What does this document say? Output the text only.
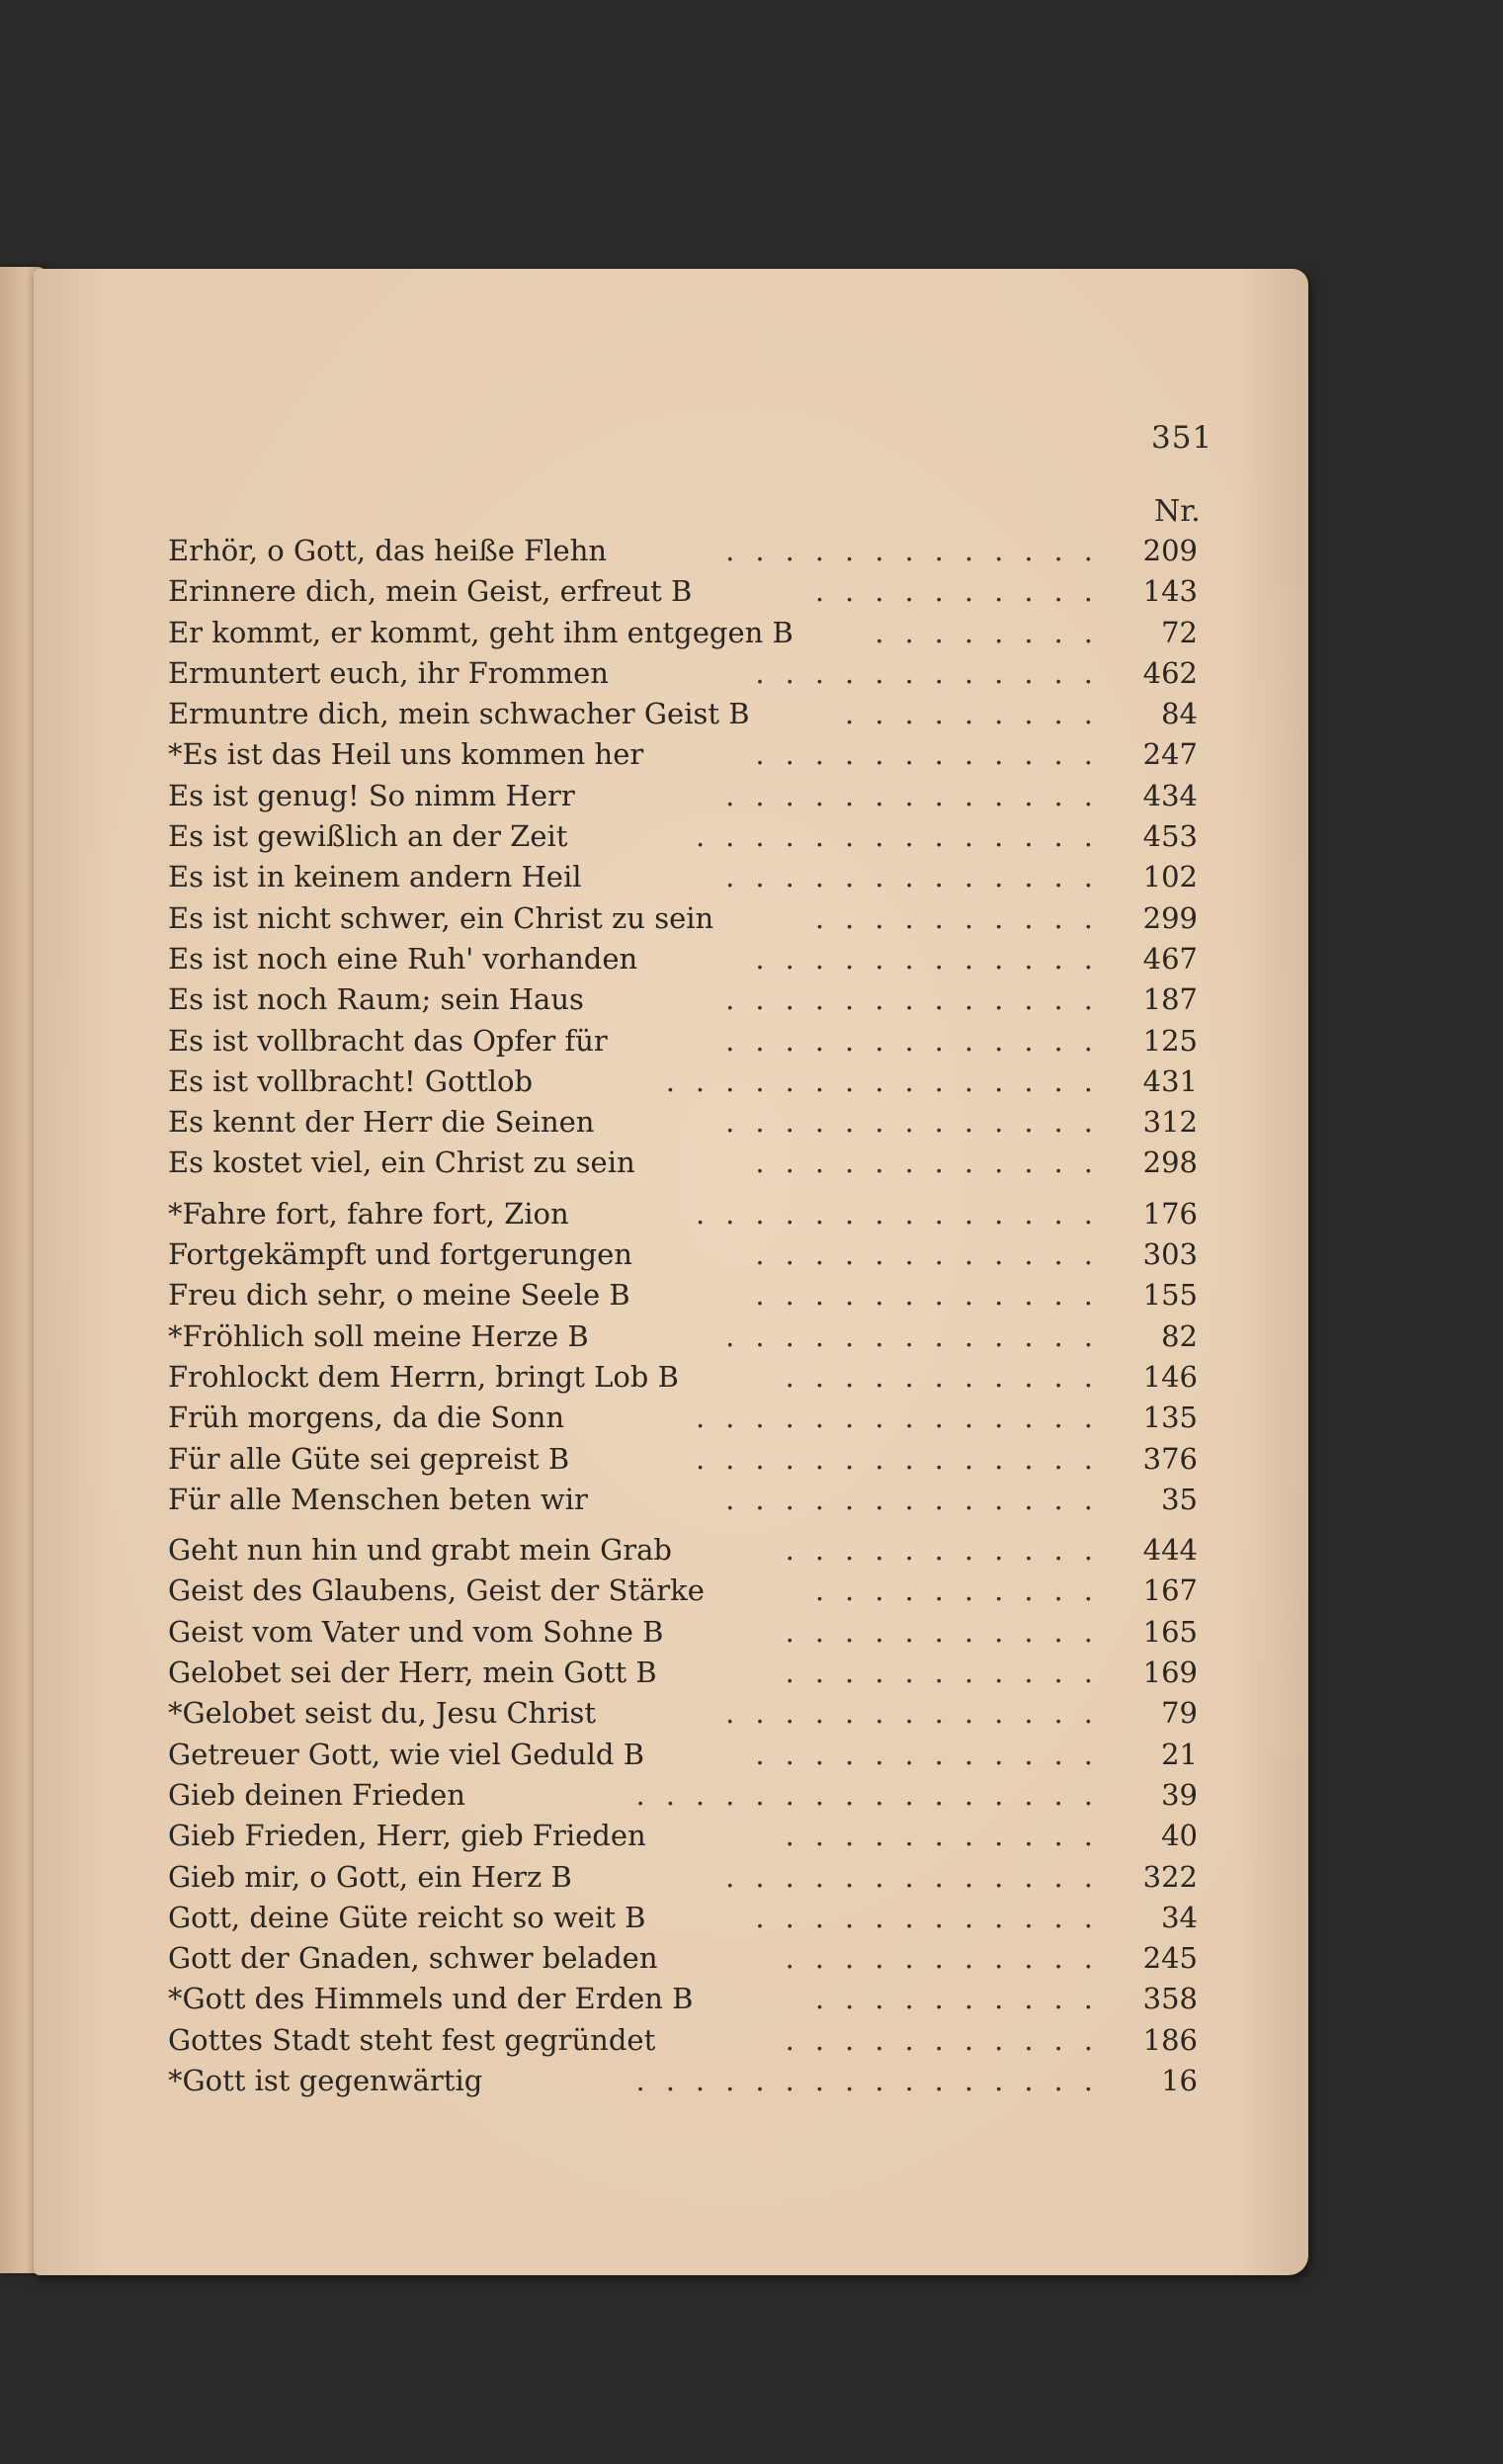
351
Nr.
Erhör, o Gott, das heiße Flehn	.............	209
Erinnere dich, mein Geist, erfreut B	..........	143
Er kommt, er kommt, geht ihm entgegen B	........	72
Ermuntert euch, ihr Frommen	............	462
Ermuntre dich, mein schwacher Geist B	.........	84
*Es ist das Heil uns kommen her	............	247
Es ist genug! So nimm Herr	.............	434
Es ist gewißlich an der Zeit	..............	453
Es ist in keinem andern Heil	.............	102
Es ist nicht schwer, ein Christ zu sein	..........	299
Es ist noch eine Ruh' vorhanden	............	467
Es ist noch Raum; sein Haus	.............	187
Es ist vollbracht das Opfer für	.............	125
Es ist vollbracht! Gottlob	...............	431
Es kennt der Herr die Seinen	.............	312
Es kostet viel, ein Christ zu sein	............	298
*Fahre fort, fahre fort, Zion	..............	176
Fortgekämpft und fortgerungen	............	303
Freu dich sehr, o meine Seele B	............	155
*Fröhlich soll meine Herze B	.............	82
Frohlockt dem Herrn, bringt Lob B	...........	146
Früh morgens, da die Sonn	..............	135
Für alle Güte sei gepreist B	..............	376
Für alle Menschen beten wir	.............	35
Geht nun hin und grabt mein Grab	...........	444
Geist des Glaubens, Geist der Stärke	..........	167
Geist vom Vater und vom Sohne B	...........	165
Gelobet sei der Herr, mein Gott B	...........	169
*Gelobet seist du, Jesu Christ	.............	79
Getreuer Gott, wie viel Geduld B	............	21
Gieb deinen Frieden	................	39
Gieb Frieden, Herr, gieb Frieden	...........	40
Gieb mir, o Gott, ein Herz B	.............	322
Gott, deine Güte reicht so weit B	............	34
Gott der Gnaden, schwer beladen	...........	245
*Gott des Himmels und der Erden B	..........	358
Gottes Stadt steht fest gegründet	...........	186
*Gott ist gegenwärtig	................	16
